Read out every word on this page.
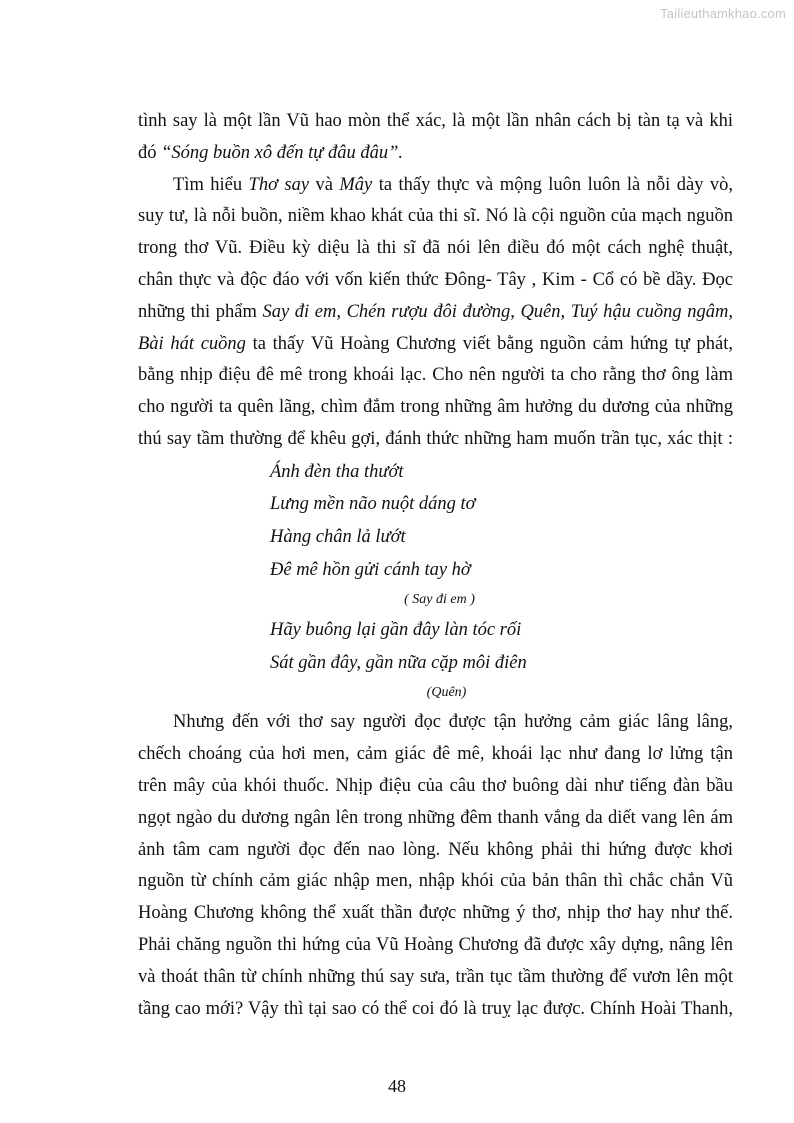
Tailieuthamkhao.com
tình say là một lần Vũ hao mòn thể xác, là một lần nhân cách bị tàn tạ và khi
đó “Sóng buồn xô đến tự đâu đâu”.
Tìm hiểu Thơ say và Mây ta thấy thực và mộng luôn luôn là nỗi dày vò,
suy tư, là nỗi buồn, niềm khao khát của thi sĩ. Nó là cội nguồn của mạch nguồn
trong thơ Vũ. Điều kỳ diệu là thi sĩ đã nói lên điều đó một cách nghệ thuật,
chân thực và độc đáo với vốn kiến thức Đông- Tây , Kim - Cổ có bề dầy. Đọc
những thi phẩm Say đi em, Chén rượu đôi đường, Quên, Tuý hậu cuồng ngâm,
Bài hát cuồng ta thấy Vũ Hoàng Chương viết bằng nguồn cảm hứng tự phát,
bằng nhịp điệu đê mê trong khoái lạc. Cho nên người ta cho rằng thơ ông làm
cho người ta quên lãng, chìm đắm trong những âm hưởng du dương của những
thú say tầm thường để khêu gợi, đánh thức những ham muốn trần tục, xác thịt :
Ánh đèn tha thướt
Lưng mền não nuột dáng tơ
Hàng chân lả lướt
Đê mê hồn gửi cánh tay hờ
( Say đi em )
Hãy buông lại gần đây làn tóc rối
Sát gần đây, gần nữa cặp môi điên
(Quên)
Nhưng đến với thơ say người đọc được tận hưởng cảm giác lâng lâng,
chếch choáng của hơi men, cảm giác đê mê, khoái lạc như đang lơ lửng tận
trên mây của khói thuốc. Nhịp điệu của câu thơ buông dài như tiếng đàn bầu
ngọt ngào du dương ngân lên trong những đêm thanh vắng da diết vang lên ám
ảnh tâm cam người đọc đến nao lòng. Nếu không phải thi hứng được khơi
nguồn từ chính cảm giác nhập men, nhập khói của bản thân thì chắc chắn Vũ
Hoàng Chương không thể xuất thần được những ý thơ, nhịp thơ hay như thế.
Phải chăng nguồn thi hứng của Vũ Hoàng Chương đã được xây dựng, nâng lên
và thoát thân từ chính những thú say sưa, trần tục tầm thường để vươn lên một
tầng cao mới? Vậy thì tại sao có thể coi đó là truỵ lạc được. Chính Hoài Thanh,
48
